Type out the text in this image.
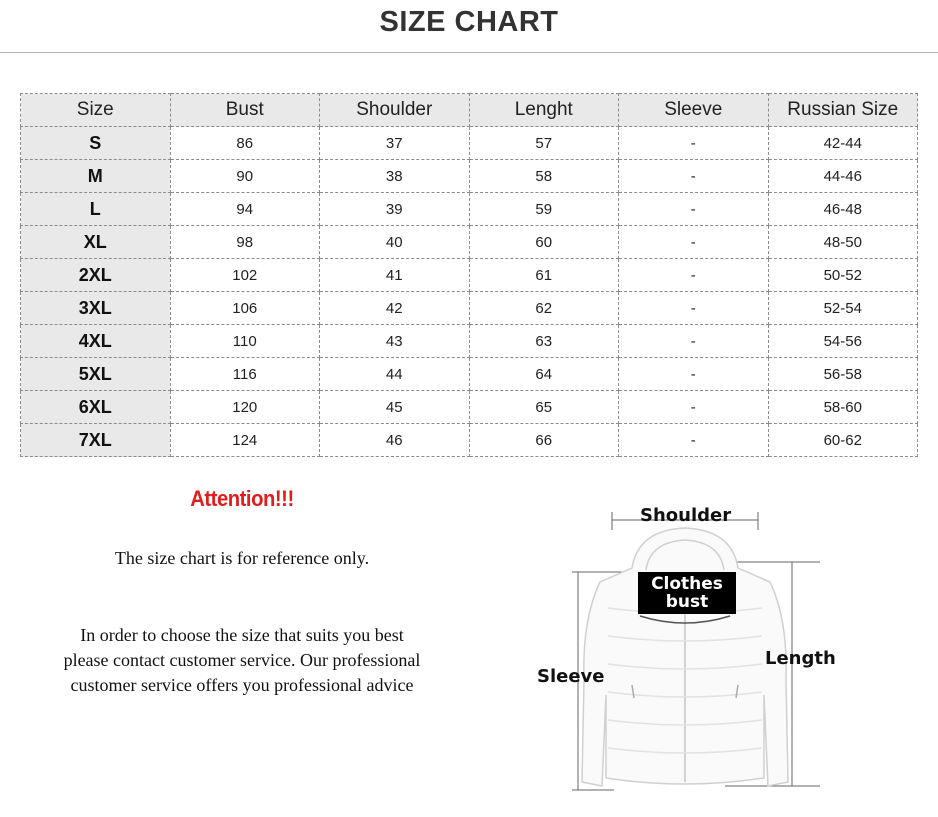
SIZE CHART
Size	Bust	Shoulder	Lenght	Sleeve	Russian Size
S	86	37	57	-	42-44
M	90	38	58	-	44-46
L	94	39	59	-	46-48
XL	98	40	60	-	48-50
2XL	102	41	61	-	50-52
3XL	106	42	62	-	52-54
4XL	110	43	63	-	54-56
5XL	116	44	64	-	56-58
6XL	120	45	65	-	58-60
7XL	124	46	66	-	60-62
Attention!!!
The size chart is for reference only.
In order to choose the size that suits you best
please contact customer service. Our professional
customer service offers you professional advice
Shoulder
Clothes
bust
Sleeve
Length
